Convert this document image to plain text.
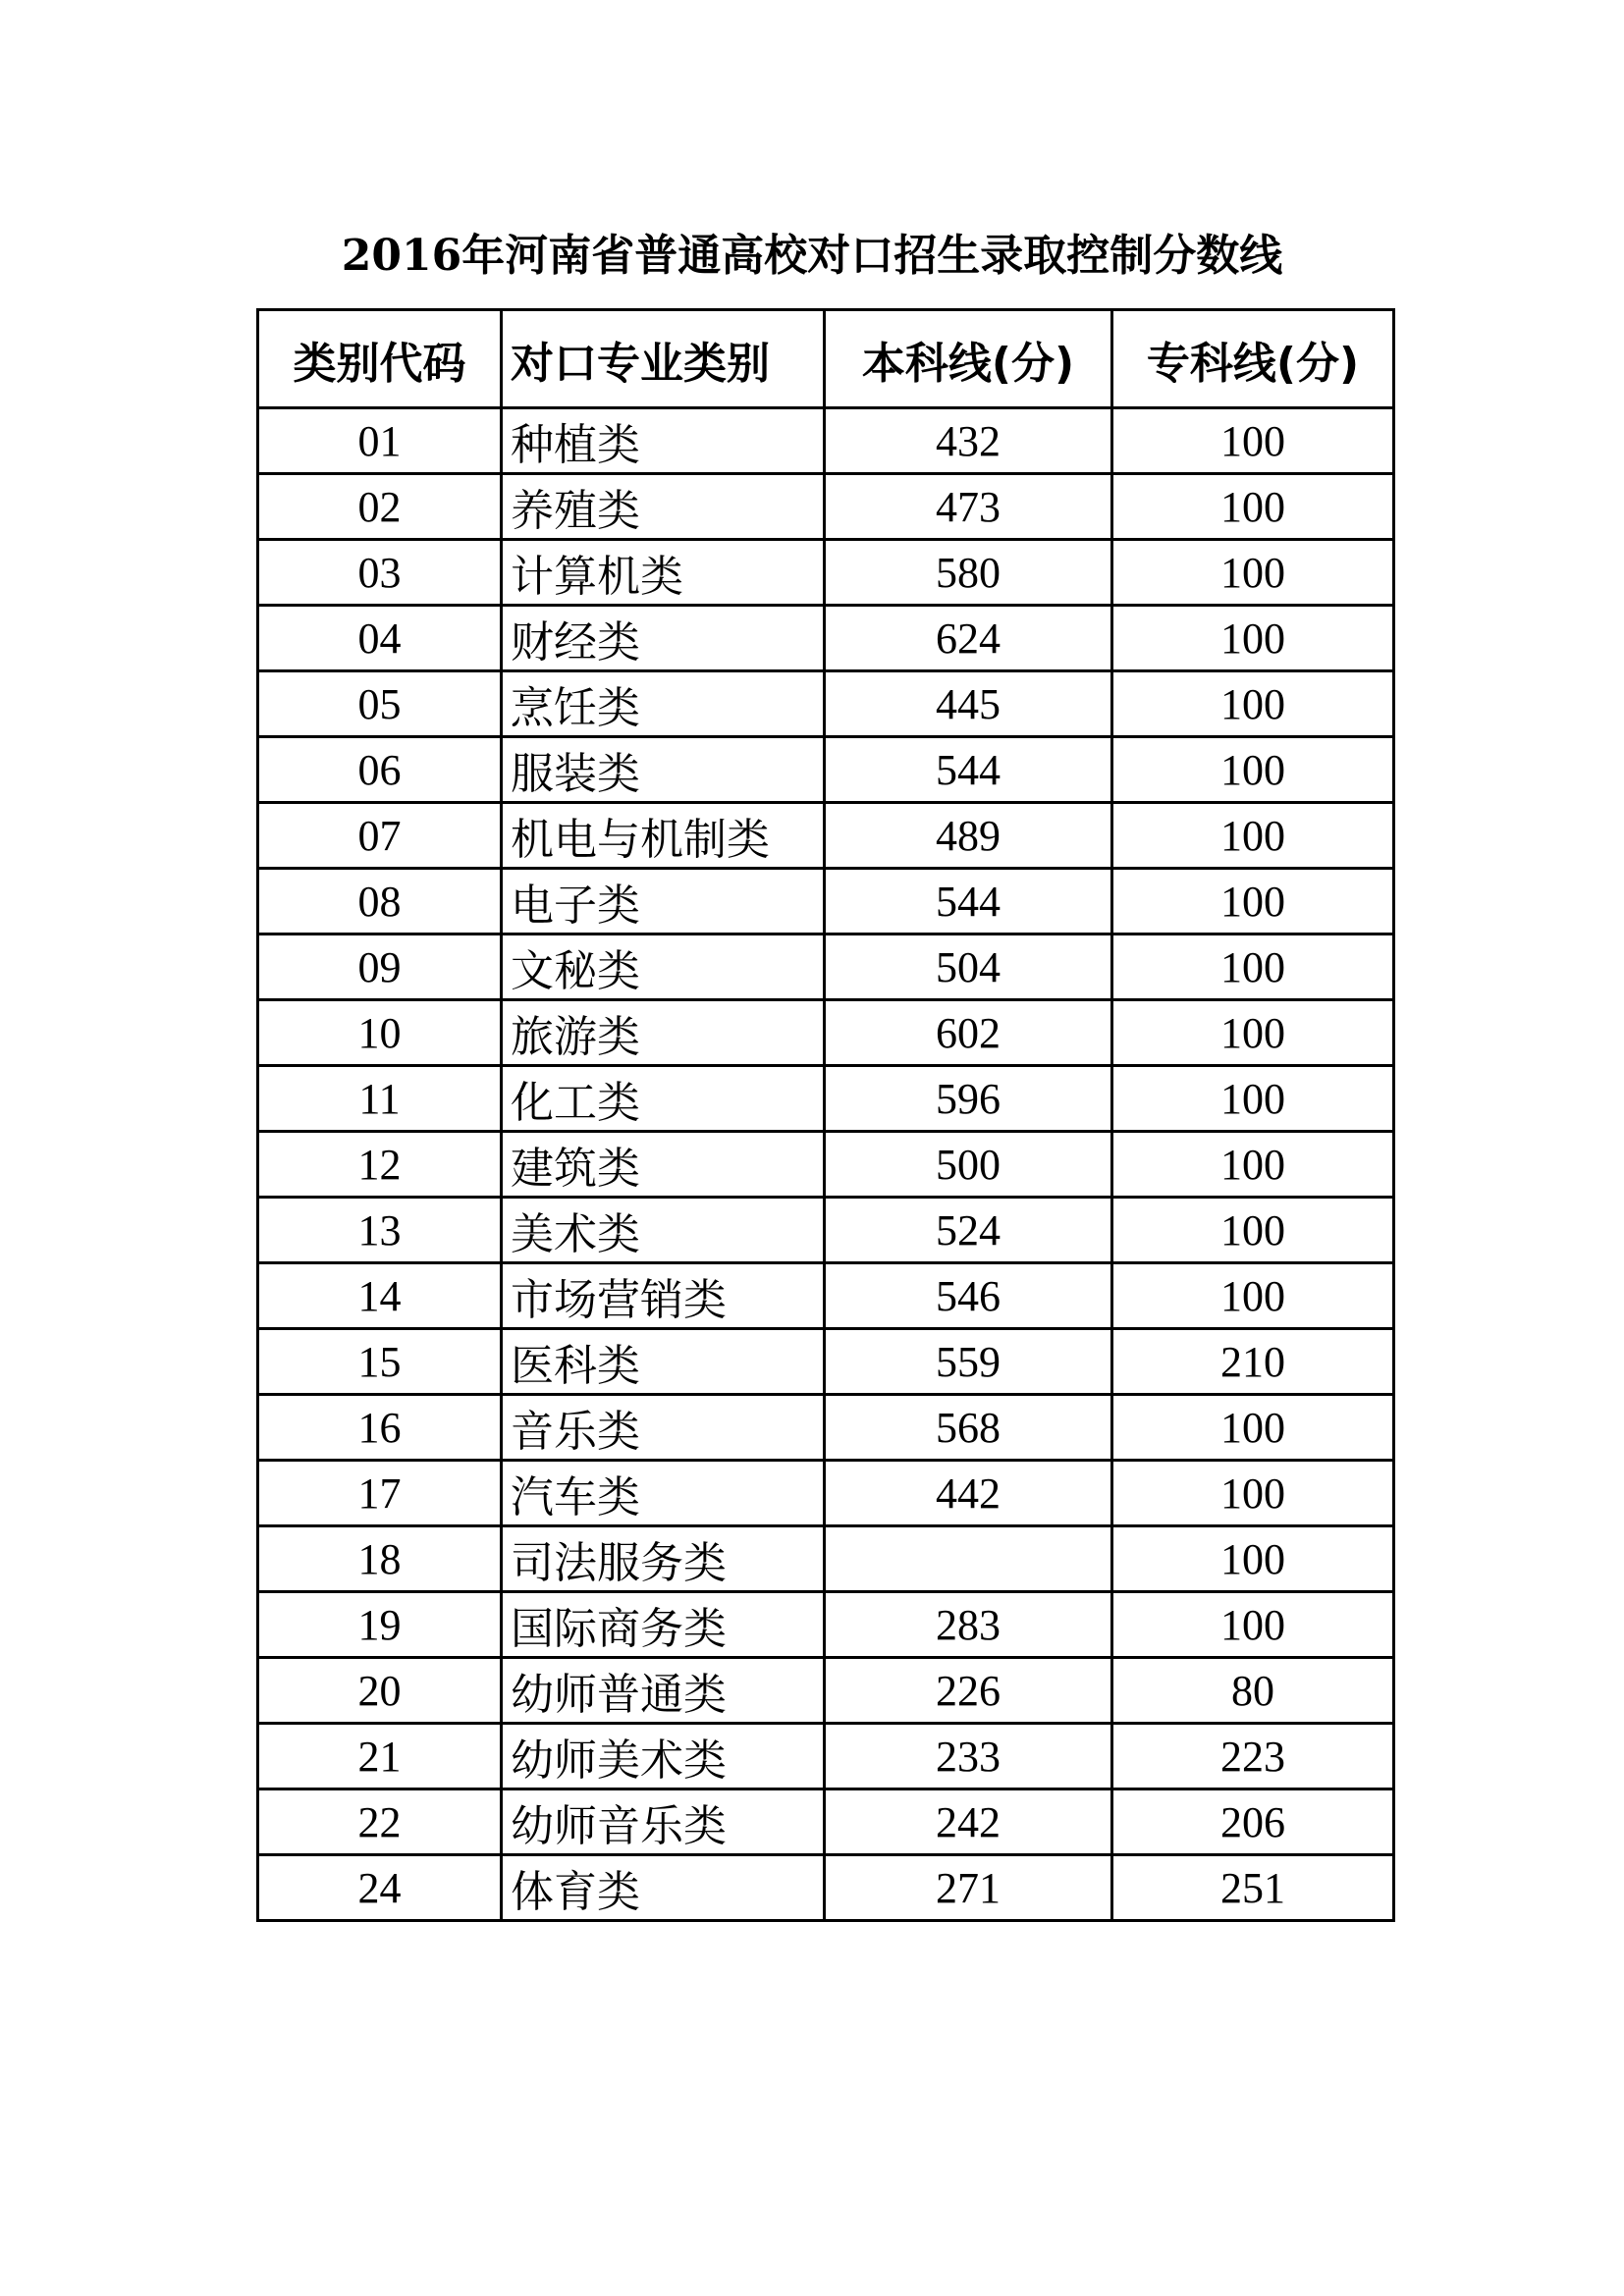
2016年河南省普通高校对口招生录取控制分数线
类别代码	对口专业类别	本科线(分)	专科线(分)
01	种植类	432	100
02	养殖类	473	100
03	计算机类	580	100
04	财经类	624	100
05	烹饪类	445	100
06	服装类	544	100
07	机电与机制类	489	100
08	电子类	544	100
09	文秘类	504	100
10	旅游类	602	100
11	化工类	596	100
12	建筑类	500	100
13	美术类	524	100
14	市场营销类	546	100
15	医科类	559	210
16	音乐类	568	100
17	汽车类	442	100
18	司法服务类		100
19	国际商务类	283	100
20	幼师普通类	226	80
21	幼师美术类	233	223
22	幼师音乐类	242	206
24	体育类	271	251
